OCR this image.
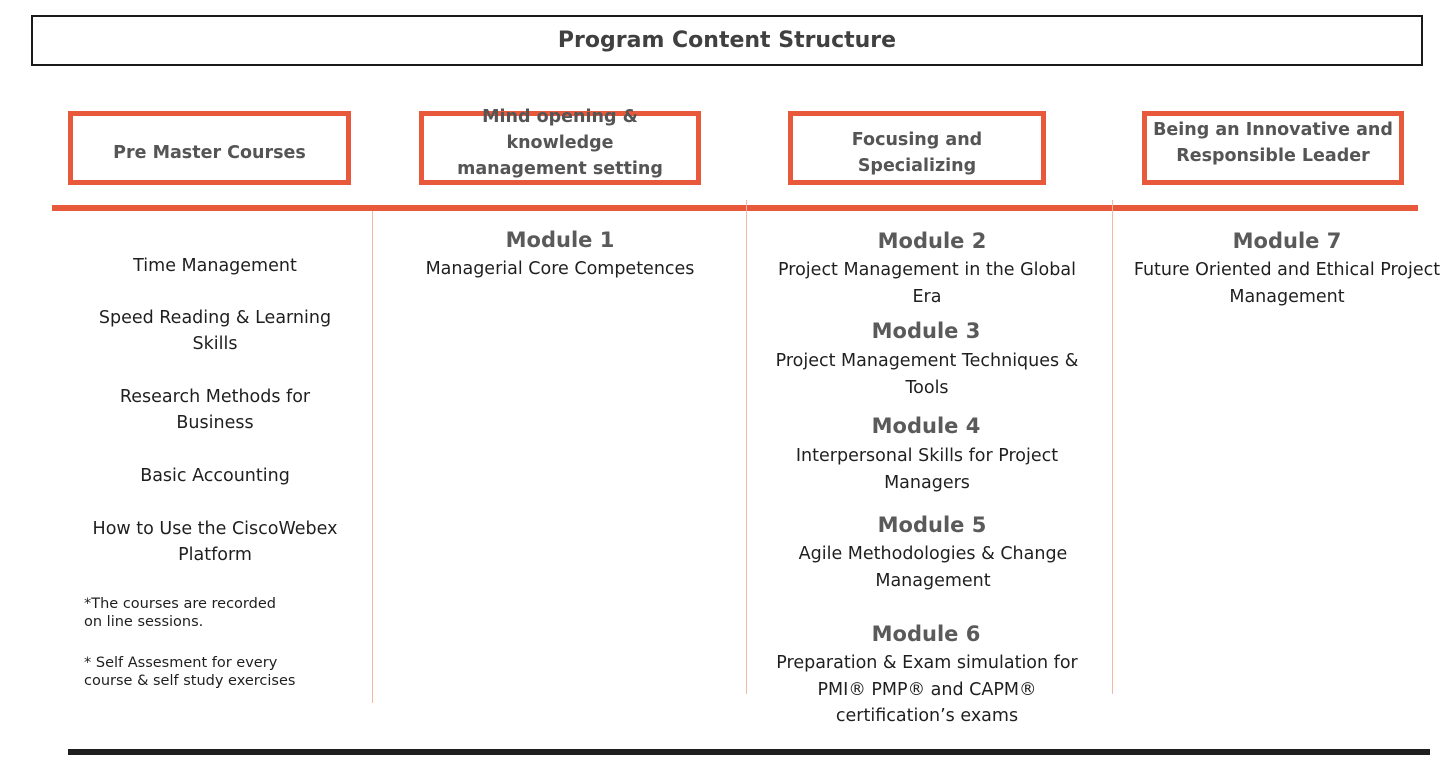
Program Content Structure
Pre Master Courses
Mind opening & knowledge
management setting
Focusing and Specializing
Being an Innovative and
Responsible Leader
Time Management
Speed Reading & Learning
Skills
Research Methods for
Business
Basic Accounting
How to Use the CiscoWebex
Platform
*The courses are recorded
on line sessions.
* Self Assesment for every
course & self study exercises
Module 1
Managerial Core Competences
Module 2
Project Management in the Global
Era
Module 3
Project Management Techniques &
Tools
Module 4
Interpersonal Skills for Project
Managers
Module 5
Agile Methodologies & Change
Management
Module 6
Preparation & Exam simulation for
PMI® PMP® and CAPM®
certification’s exams
Module 7
Future Oriented and Ethical Project
Management
